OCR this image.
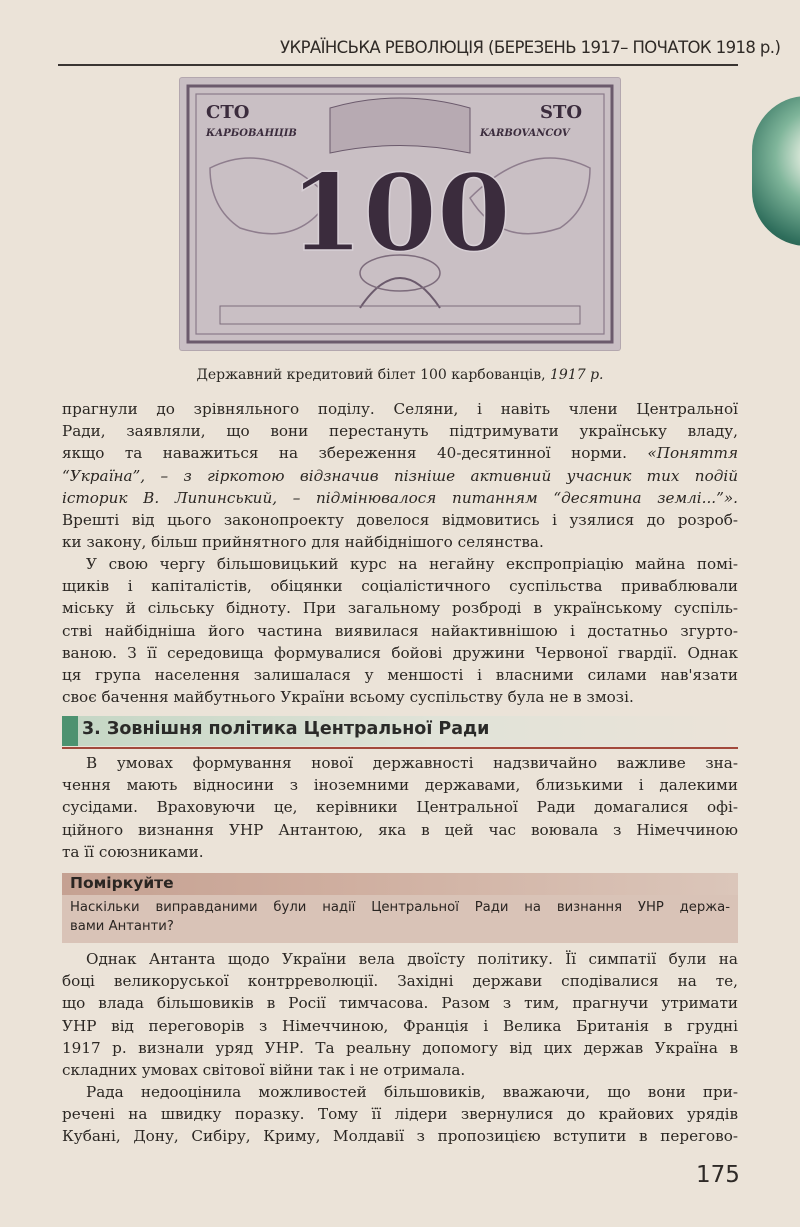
УКРАЇНСЬКА РЕВОЛЮЦІЯ (БЕРЕЗЕНЬ 1917– ПОЧАТОК 1918 р.)
СТО	STO
КАРБОВАНЦІВ	KARBOVANCOV
100
Державний кредитовий білет 100 карбованців, 1917 р.
прагнули до зрівняльного поділу. Селяни, і навіть члени Центральної
Ради, заявляли, що вони перестануть підтримувати українську владу,
якщо та наважиться на збереження 40-десятинної норми. «Поняття
“Україна”, – з гіркотою відзначив пізніше активний учасник тих подій
історик В. Липинський, – підмінювалося питанням “десятина землі...”».
Врешті від цього законопроекту довелося відмовитись і узялися до розроб-
ки закону, більш прийнятного для найбіднішого селянства.
У свою чергу більшовицький курс на негайну експропріацію майна помі-
щиків і капіталістів, обіцянки соціалістичного суспільства приваблювали
міську й сільську бідноту. При загальному розброді в українському суспіль-
стві найбідніша його частина виявилася найактивнішою і достатньо згурто-
ваною. З її середовища формувалися бойові дружини Червоної гвардії. Однак
ця група населення залишалася у меншості і власними силами нав'язати
своє бачення майбутнього України всьому суспільству була не в змозі.
3. Зовнішня політика Центральної Ради
В умовах формування нової державності надзвичайно важливе зна-
чення мають відносини з іноземними державами, близькими і далекими
сусідами. Враховуючи це, керівники Центральної Ради домагалися офі-
ційного визнання УНР Антантою, яка в цей час воювала з Німеччиною
та її союзниками.
Поміркуйте
Наскільки виправданими були надії Центральної Ради на визнання УНР держа-
вами Антанти?
Однак Антанта щодо України вела двоїсту політику. Її симпатії були на
боці великоруської контрреволюції. Західні держави сподівалися на те,
що влада більшовиків в Росії тимчасова. Разом з тим, прагнучи утримати
УНР від переговорів з Німеччиною, Франція і Велика Британія в грудні
1917 р. визнали уряд УНР. Та реальну допомогу від цих держав Україна в
складних умовах світової війни так і не отримала.
Рада недооцінила можливостей більшовиків, вважаючи, що вони при-
речені на швидку поразку. Тому її лідери звернулися до крайових урядів
Кубані, Дону, Сибіру, Криму, Молдавії з пропозицією вступити в перегово-
175
